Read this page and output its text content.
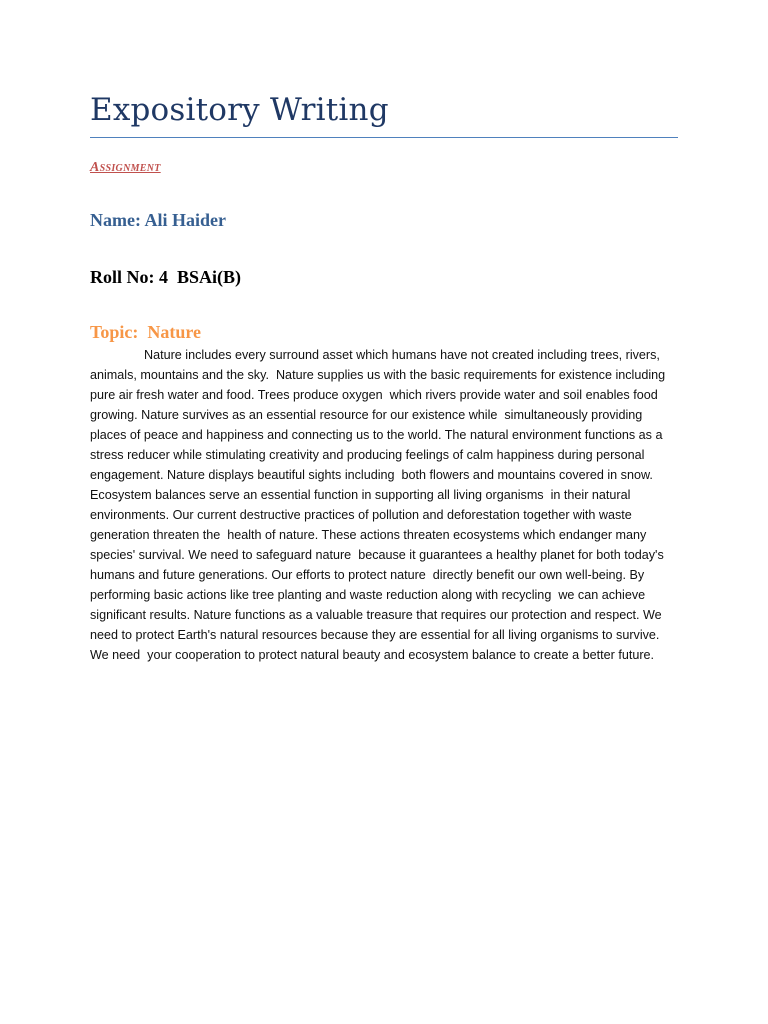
Expository Writing
Assignment
Name: Ali Haider
Roll No: 4  BSAi(B)
Topic:  Nature

Nature includes every surround asset which humans have not created including trees, rivers, animals, mountains and the sky.  Nature supplies us with the basic requirements for existence including pure air fresh water and food. Trees produce oxygen  which rivers provide water and soil enables food growing. Nature survives as an essential resource for our existence while  simultaneously providing places of peace and happiness and connecting us to the world. The natural environment functions as a stress reducer while stimulating creativity and producing feelings of calm happiness during personal engagement. Nature displays beautiful sights including  both flowers and mountains covered in snow. Ecosystem balances serve an essential function in supporting all living organisms  in their natural environments. Our current destructive practices of pollution and deforestation together with waste generation threaten the  health of nature. These actions threaten ecosystems which endanger many species' survival. We need to safeguard nature  because it guarantees a healthy planet for both today's humans and future generations. Our efforts to protect nature  directly benefit our own well-being. By performing basic actions like tree planting and waste reduction along with recycling  we can achieve significant results. Nature functions as a valuable treasure that requires our protection and respect. We need to protect Earth's natural resources because they are essential for all living organisms to survive. We need  your cooperation to protect natural beauty and ecosystem balance to create a better future.
